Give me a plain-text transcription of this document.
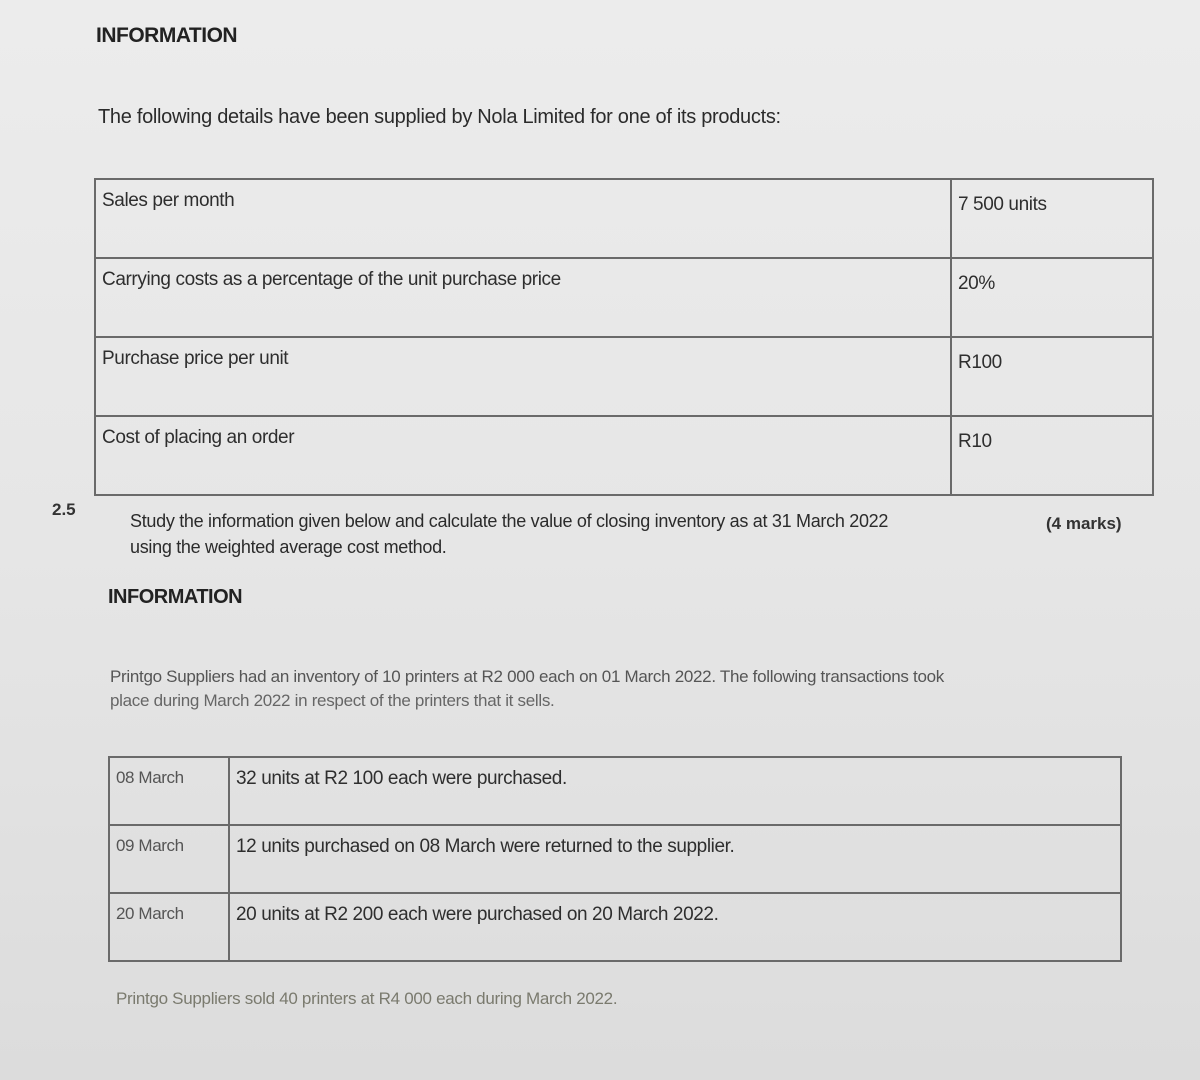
INFORMATION
The following details have been supplied by Nola Limited for one of its products:
Sales per month	7 500 units
Carrying costs as a percentage of the unit purchase price	20%
Purchase price per unit	R100
Cost of placing an order	R10
2.5
Study the information given below and calculate the value of closing inventory as at 31 March 2022
using the weighted average cost method.
(4 marks)
INFORMATION
Printgo Suppliers had an inventory of 10 printers at R2 000 each on 01 March 2022. The following transactions took
place during March 2022 in respect of the printers that it sells.
08 March	32 units at R2 100 each were purchased.
09 March	12 units purchased on 08 March were returned to the supplier.
20 March	20 units at R2 200 each were purchased on 20 March 2022.
Printgo Suppliers sold 40 printers at R4 000 each during March 2022.
